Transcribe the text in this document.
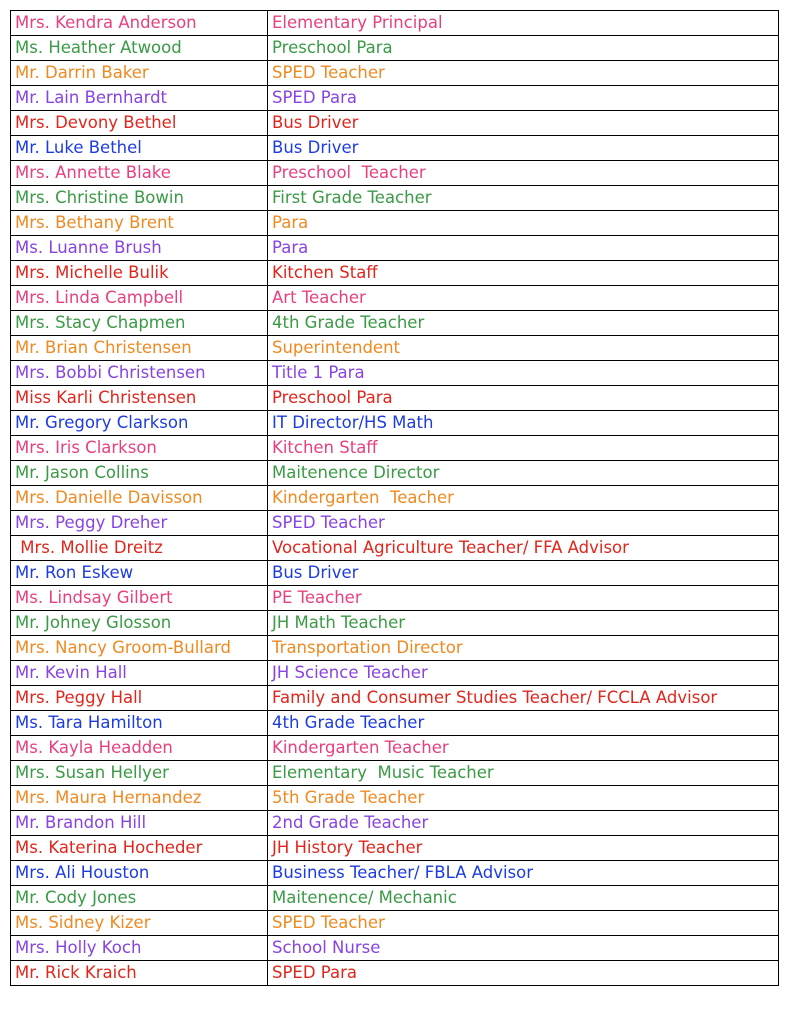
Mrs. Kendra Anderson	Elementary Principal
Ms. Heather Atwood	Preschool Para
Mr. Darrin Baker	SPED Teacher
Mr. Lain Bernhardt	SPED Para
Mrs. Devony Bethel	Bus Driver
Mr. Luke Bethel	Bus Driver
Mrs. Annette Blake	Preschool  Teacher
Mrs. Christine Bowin	First Grade Teacher
Mrs. Bethany Brent	Para
Ms. Luanne Brush	Para
Mrs. Michelle Bulik	Kitchen Staff
Mrs. Linda Campbell	Art Teacher
Mrs. Stacy Chapmen	4th Grade Teacher
Mr. Brian Christensen	Superintendent
Mrs. Bobbi Christensen	Title 1 Para
Miss Karli Christensen	Preschool Para
Mr. Gregory Clarkson	IT Director/HS Math
Mrs. Iris Clarkson	Kitchen Staff
Mr. Jason Collins	Maitenence Director
Mrs. Danielle Davisson	Kindergarten  Teacher
Mrs. Peggy Dreher	SPED Teacher
Mrs. Mollie Dreitz	Vocational Agriculture Teacher/ FFA Advisor
Mr. Ron Eskew	Bus Driver
Ms. Lindsay Gilbert	PE Teacher
Mr. Johney Glosson	JH Math Teacher
Mrs. Nancy Groom-Bullard	Transportation Director
Mr. Kevin Hall	JH Science Teacher
Mrs. Peggy Hall	Family and Consumer Studies Teacher/ FCCLA Advisor
Ms. Tara Hamilton	4th Grade Teacher
Ms. Kayla Headden	Kindergarten Teacher
Mrs. Susan Hellyer	Elementary  Music Teacher
Mrs. Maura Hernandez	5th Grade Teacher
Mr. Brandon Hill	2nd Grade Teacher
Ms. Katerina Hocheder	JH History Teacher
Mrs. Ali Houston	Business Teacher/ FBLA Advisor
Mr. Cody Jones	Maitenence/ Mechanic
Ms. Sidney Kizer	SPED Teacher
Mrs. Holly Koch	School Nurse
Mr. Rick Kraich	SPED Para
